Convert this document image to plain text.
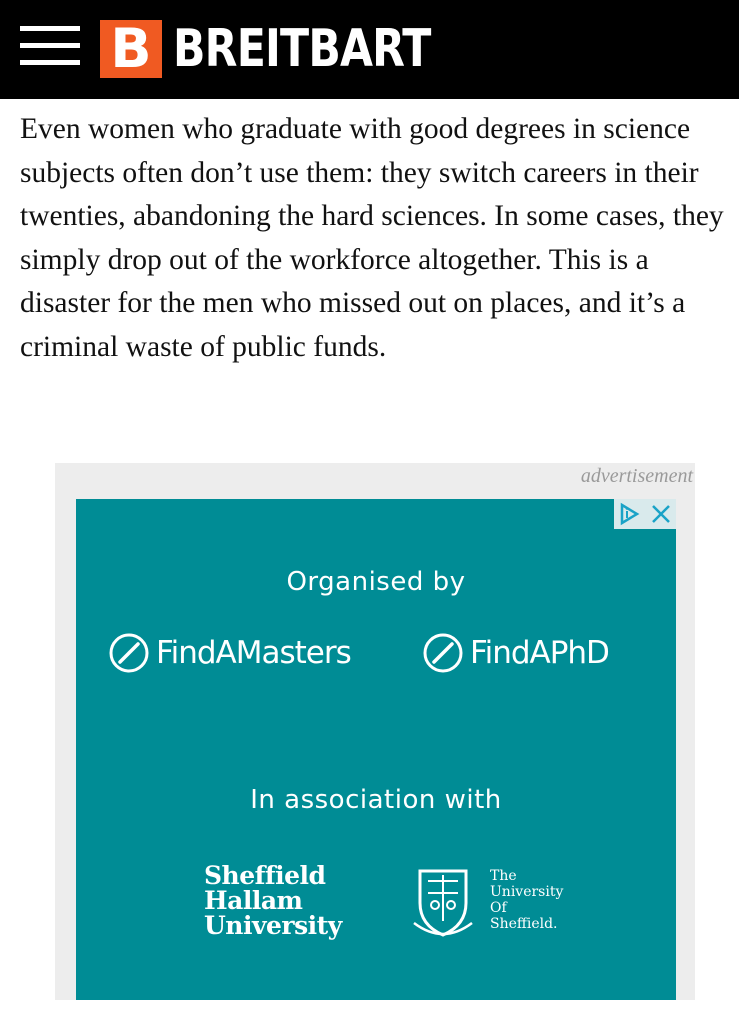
B BREITBART

Even women who graduate with good degrees in science subjects often don’t use them: they switch careers in their twenties, abandoning the hard sciences. In some cases, they simply drop out of the workforce altogether. This is a disaster for the men who missed out on places, and it’s a criminal waste of public funds.

advertisement
Organised by
FindAMasters	FindAPhD
In association with
Sheffield
Hallam
University
The
University
Of
Sheffield.
